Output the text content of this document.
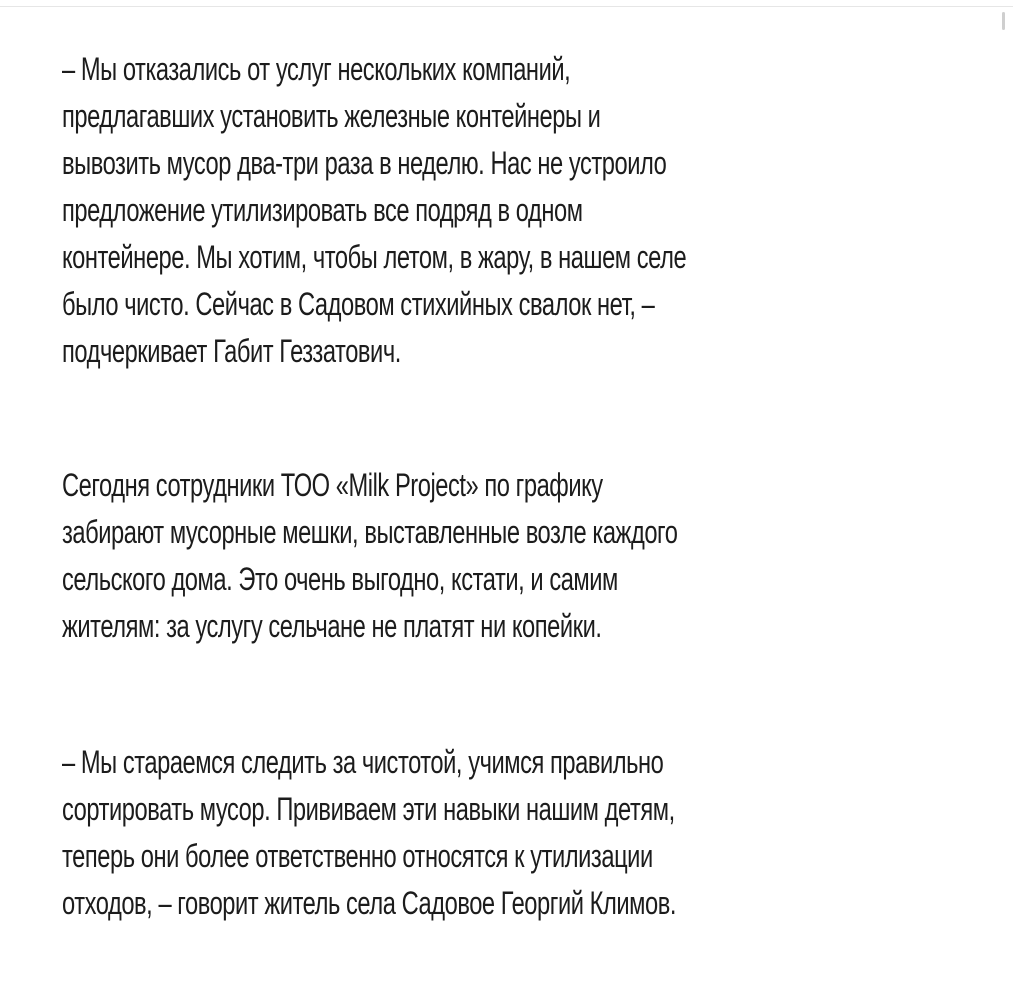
– Мы отказались от услуг нескольких компаний,
предлагавших установить железные контейнеры и
вывозить мусор два-три раза в неделю. Нас не устроило
предложение утилизировать все подряд в одном
контейнере. Мы хотим, чтобы летом, в жару, в нашем селе
было чисто. Сейчас в Садовом стихийных свалок нет, –
подчеркивает Габит Геззатович.

Сегодня сотрудники ТОО «Milk Project» по графику
забирают мусорные мешки, выставленные возле каждого
сельского дома. Это очень выгодно, кстати, и самим
жителям: за услугу сельчане не платят ни копейки.

– Мы стараемся следить за чистотой, учимся правильно
сортировать мусор. Прививаем эти навыки нашим детям,
теперь они более ответственно относятся к утилизации
отходов, – говорит житель села Садовое Георгий Климов.
